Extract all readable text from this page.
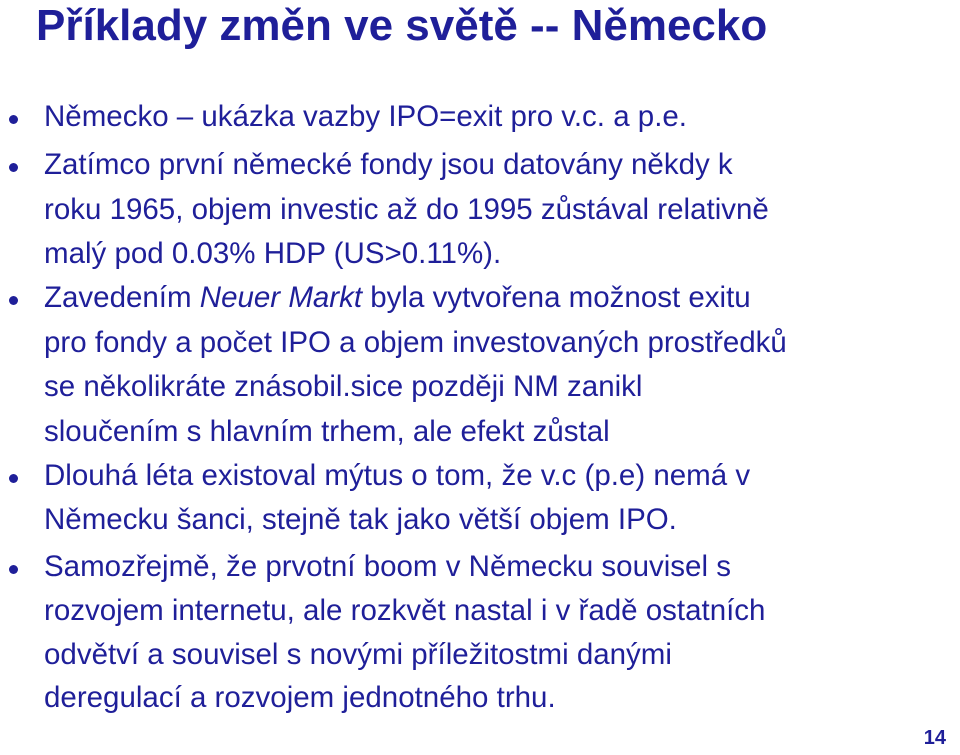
Příklady změn ve světě -- Německo

Německo – ukázka vazby IPO=exit pro v.c. a p.e.

Zatímco první německé fondy jsou datovány někdy k

roku 1965, objem investic až do 1995 zůstával relativně

malý pod 0.03% HDP (US>0.11%).

Zavedením Neuer Markt byla vytvořena možnost exitu

pro fondy a počet IPO a objem investovaných prostředků

se několikráte znásobil.sice později NM zanikl

sloučením s hlavním trhem, ale efekt zůstal

Dlouhá léta existoval mýtus o tom, že v.c (p.e) nemá v

Německu šanci, stejně tak jako větší objem IPO.

Samozřejmě, že prvotní boom v Německu souvisel s

rozvojem internetu, ale rozkvět nastal i v řadě ostatních

odvětví a souvisel s novými příležitostmi danými

deregulací a rozvojem jednotného trhu.

14
